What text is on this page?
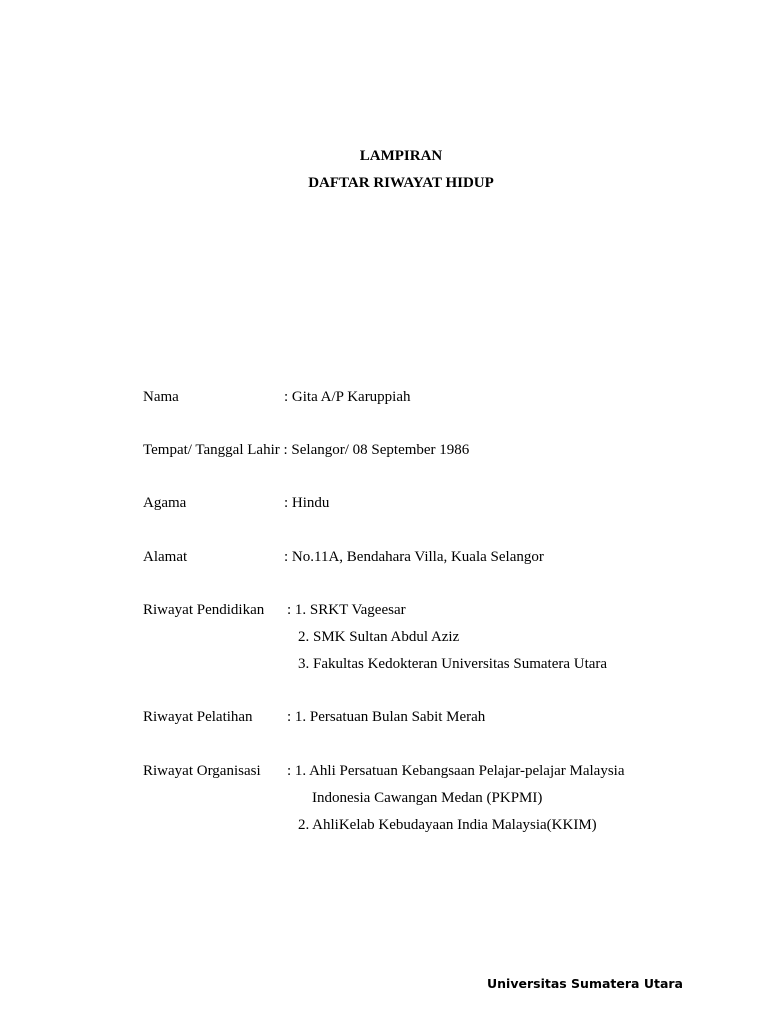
LAMPIRAN

DAFTAR RIWAYAT HIDUP

Nama	: Gita A/P Karuppiah
Tempat/ Tanggal Lahir : Selangor/ 08 September 1986
Agama	: Hindu
Alamat	: No.11A, Bendahara Villa, Kuala Selangor
Riwayat Pendidikan : 1. SRKT Vageesar
2. SMK Sultan Abdul Aziz
3. Fakultas Kedokteran Universitas Sumatera Utara
Riwayat Pelatihan : 1. Persatuan Bulan Sabit Merah
Riwayat Organisasi : 1. Ahli Persatuan Kebangsaan Pelajar-pelajar Malaysia
Indonesia Cawangan Medan (PKPMI)
2. AhliKelab Kebudayaan India Malaysia(KKIM)
Universitas Sumatera Utara
